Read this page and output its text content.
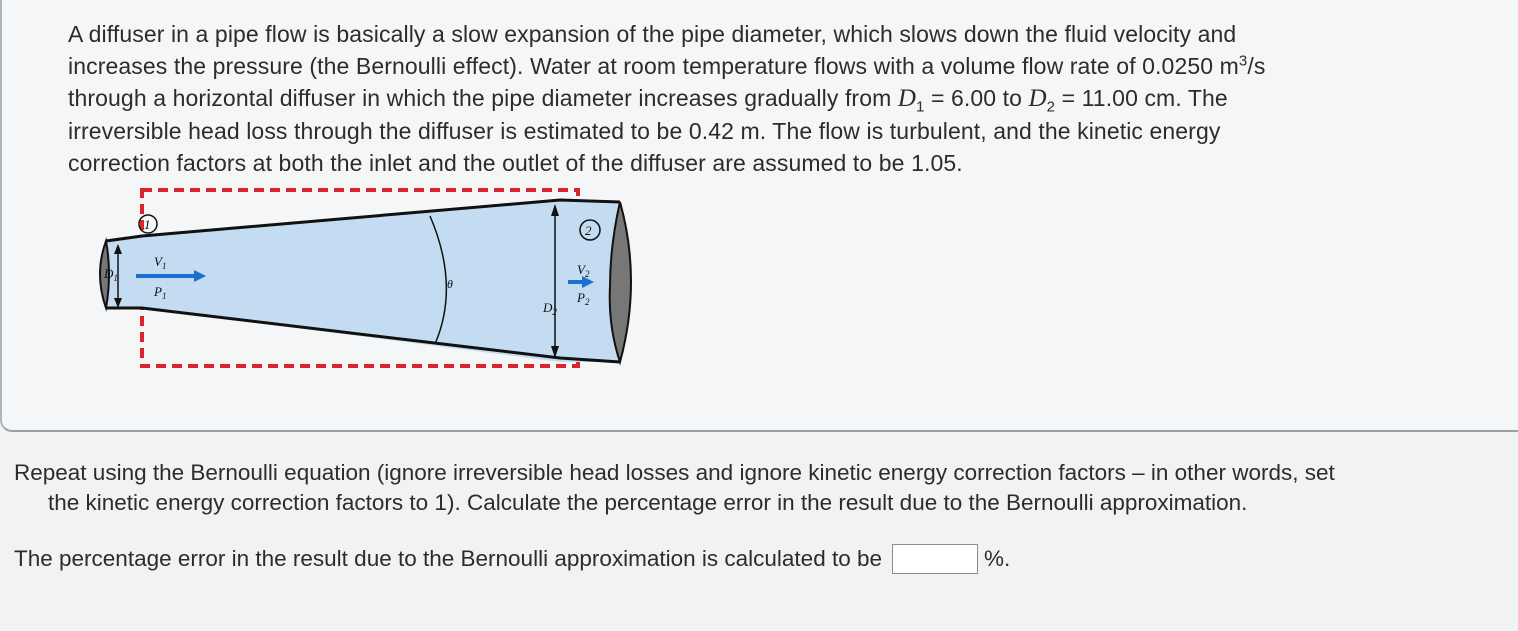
A diffuser in a pipe flow is basically a slow expansion of the pipe diameter, which slows down the fluid velocity and
increases the pressure (the Bernoulli effect). Water at room temperature flows with a volume flow rate of 0.0250 $m^3/s$
through a horizontal diffuser in which the pipe diameter increases gradually from $D_1 = 6.00$ to $D_2 = 11.00$ cm. The
irreversible head loss through the diffuser is estimated to be 0.42 m. The flow is turbulent, and the kinetic energy
correction factors at both the inlet and the outlet of the diffuser are assumed to be 1.05.
1	2
$D_1$
$V_1$
$P_1$
θ
$D_2$
$V_2$
$P_2$
Repeat using the Bernoulli equation (ignore irreversible head losses and ignore kinetic energy correction factors – in other words, set
the kinetic energy correction factors to 1). Calculate the percentage error in the result due to the Bernoulli approximation.
The percentage error in the result due to the Bernoulli approximation is calculated to be	%.
